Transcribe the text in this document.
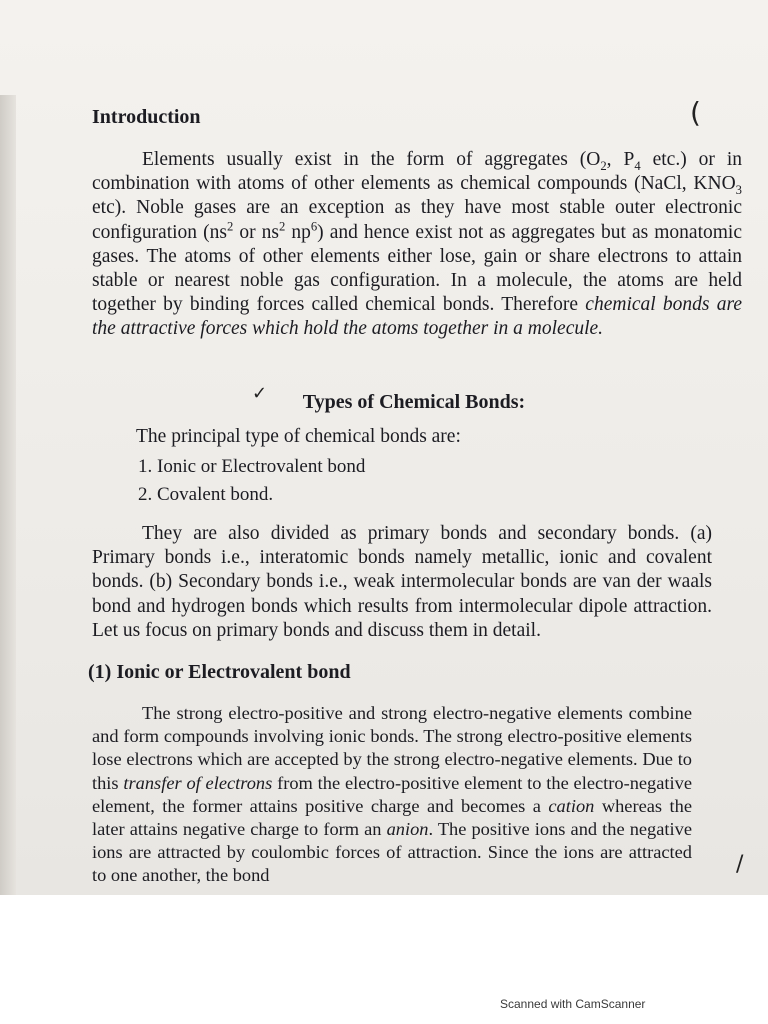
Introduction

Elements usually exist in the form of aggregates ($O_2$, $P_4$ etc.) or in combination with atoms of other elements as chemical compounds (NaCl, $KNO_3$ etc). Noble gases are an exception as they have most stable outer electronic configuration ($ns^2$ or $ns^2$ $np^6$) and hence exist not as aggregates but as monatomic gases. The atoms of other elements either lose, gain or share electrons to attain stable or nearest noble gas configuration. In a molecule, the atoms are held together by binding forces called chemical bonds. Therefore chemical bonds are the attractive forces which hold the atoms together in a molecule.

Types of Chemical Bonds:
The principal type of chemical bonds are:
1. Ionic or Electrovalent bond
2. Covalent bond.

They are also divided as primary bonds and secondary bonds. (a) Primary bonds i.e., interatomic bonds namely metallic, ionic and covalent bonds. (b) Secondary bonds i.e., weak intermolecular bonds are van der waals bond and hydrogen bonds which results from intermolecular dipole attraction. Let us focus on primary bonds and discuss them in detail.

(1) Ionic or Electrovalent bond

The strong electro-positive and strong electro-negative elements combine and form compounds involving ionic bonds. The strong electro-positive elements lose electrons which are accepted by the strong electro-negative elements. Due to this transfer of electrons from the electro-positive element to the electro-negative element, the former attains positive charge and becomes a cation whereas the later attains negative charge to form an anion. The positive ions and the negative ions are attracted by coulombic forces of attraction. Since the ions are attracted to one another, the bond

(
✓
/
Scanned with CamScanner
